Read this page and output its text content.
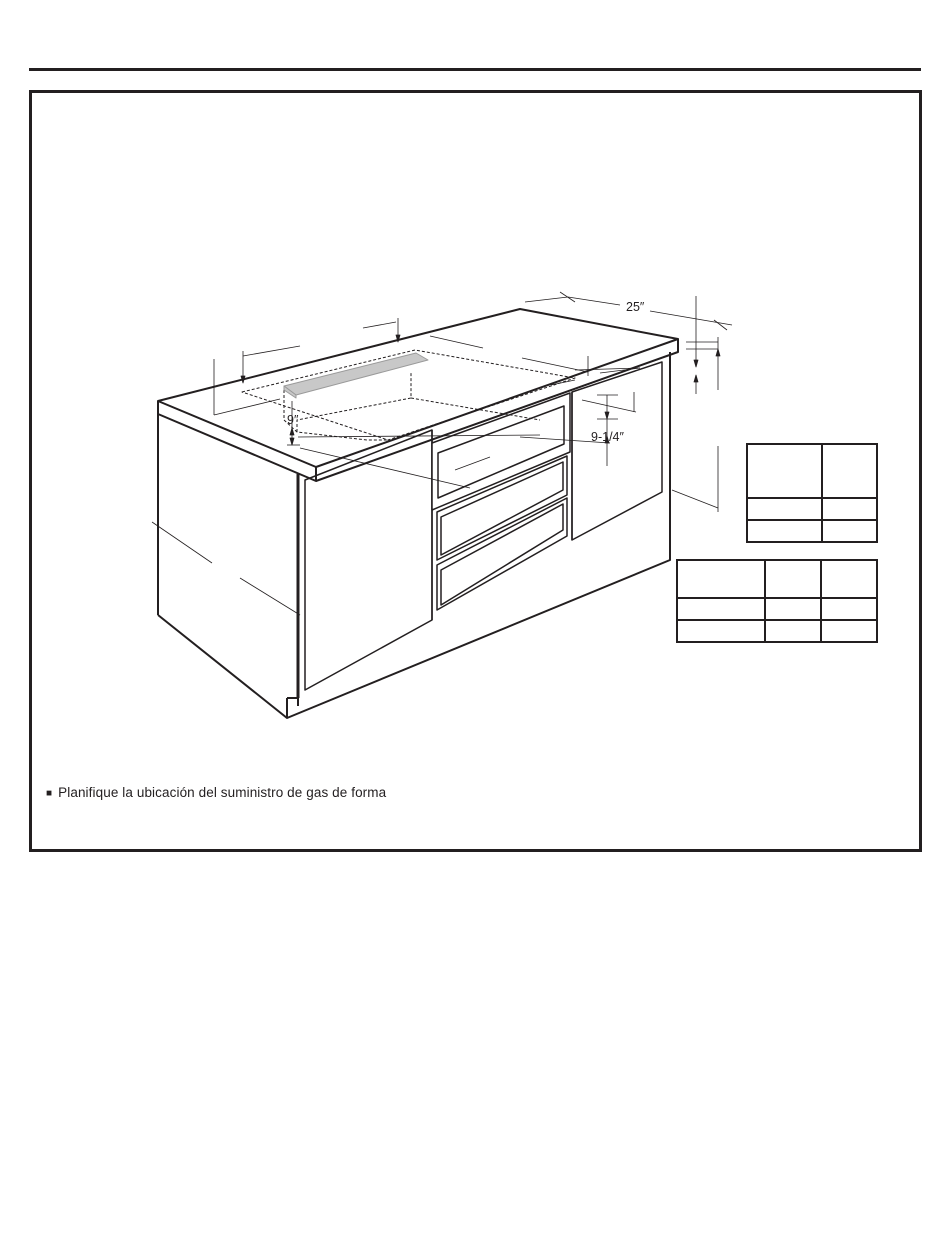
25″
9″
9-1/4″

■ Planifique la ubicación del suministro de gas de forma
